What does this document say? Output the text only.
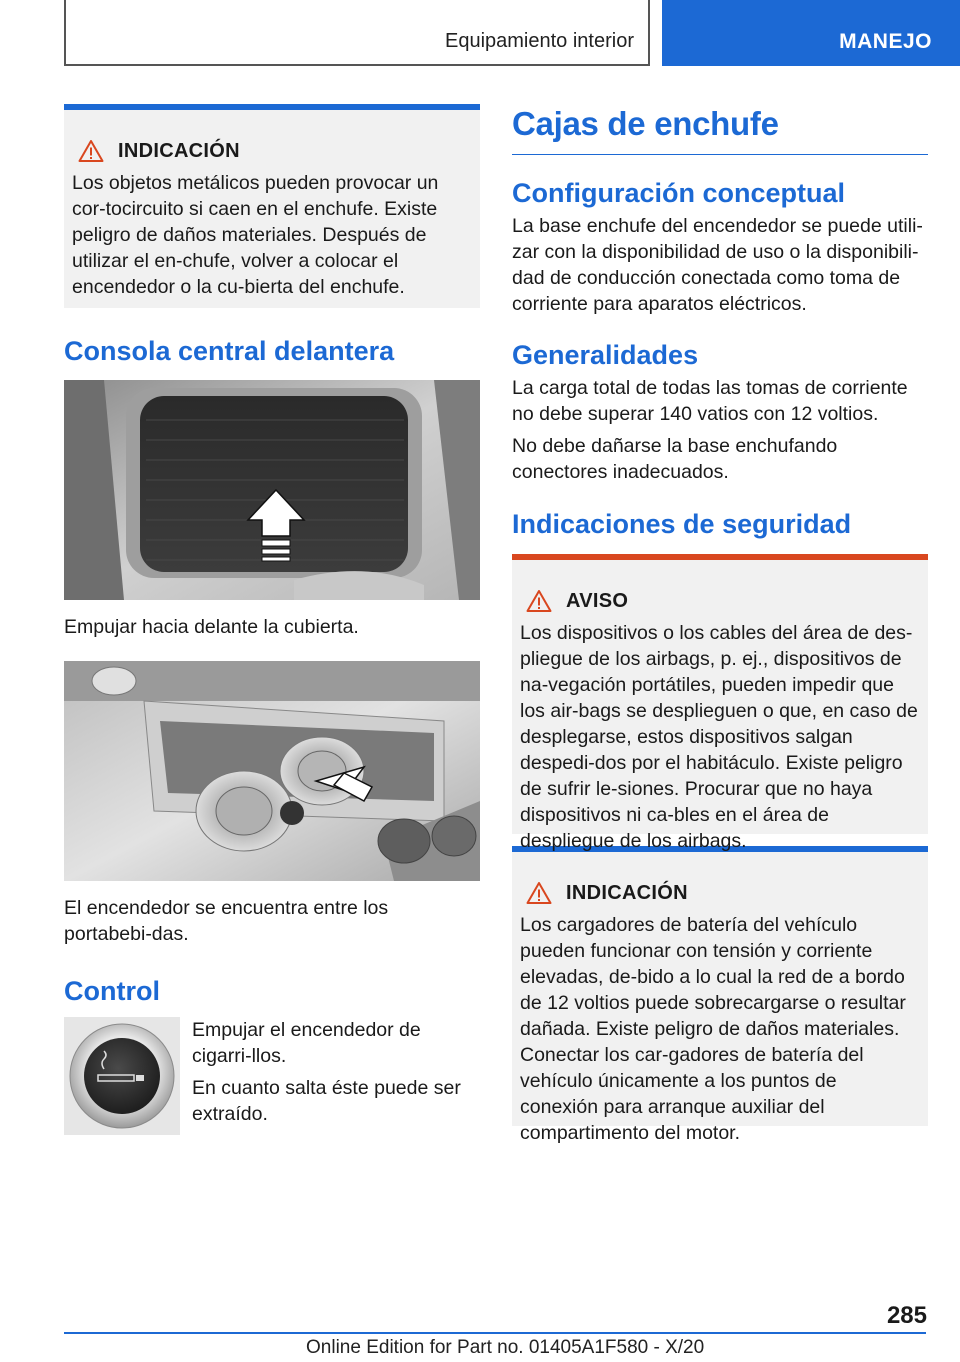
Equipamiento interior	MANEJO
INDICACIÓN
Los objetos metálicos pueden provocar un cor-tocircuito si caen en el enchufe. Existe peligro de daños materiales. Después de utilizar el en-chufe, volver a colocar el encendedor o la cu-bierta del enchufe.
Consola central delantera

Empujar hacia delante la cubierta.

El encendedor se encuentra entre los portabebi-das.

Control

Empujar el encendedor de cigarri-llos.

En cuanto salta éste puede ser extraído.

Cajas de enchufe
Configuración conceptual

La base enchufe del encendedor se puede utili-zar con la disponibilidad de uso o la disponibili-dad de conducción conectada como toma de corriente para aparatos eléctricos.

Generalidades

La carga total de todas las tomas de corriente no debe superar 140 vatios con 12 voltios.

No debe dañarse la base enchufando conectores inadecuados.

Indicaciones de seguridad
AVISO
Los dispositivos o los cables del área de des-pliegue de los airbags, p. ej., dispositivos de na-vegación portátiles, pueden impedir que los air-bags se desplieguen o que, en caso de desplegarse, estos dispositivos salgan despedi-dos por el habitáculo. Existe peligro de sufrir le-siones. Procurar que no haya dispositivos ni ca-bles en el área de despliegue de los airbags.
INDICACIÓN
Los cargadores de batería del vehículo pueden funcionar con tensión y corriente elevadas, de-bido a lo cual la red de a bordo de 12 voltios puede sobrecargarse o resultar dañada. Existe peligro de daños materiales. Conectar los car-gadores de batería del vehículo únicamente a los puntos de conexión para arranque auxiliar del compartimento del motor.
285
Online Edition for Part no. 01405A1F580 - X/20
